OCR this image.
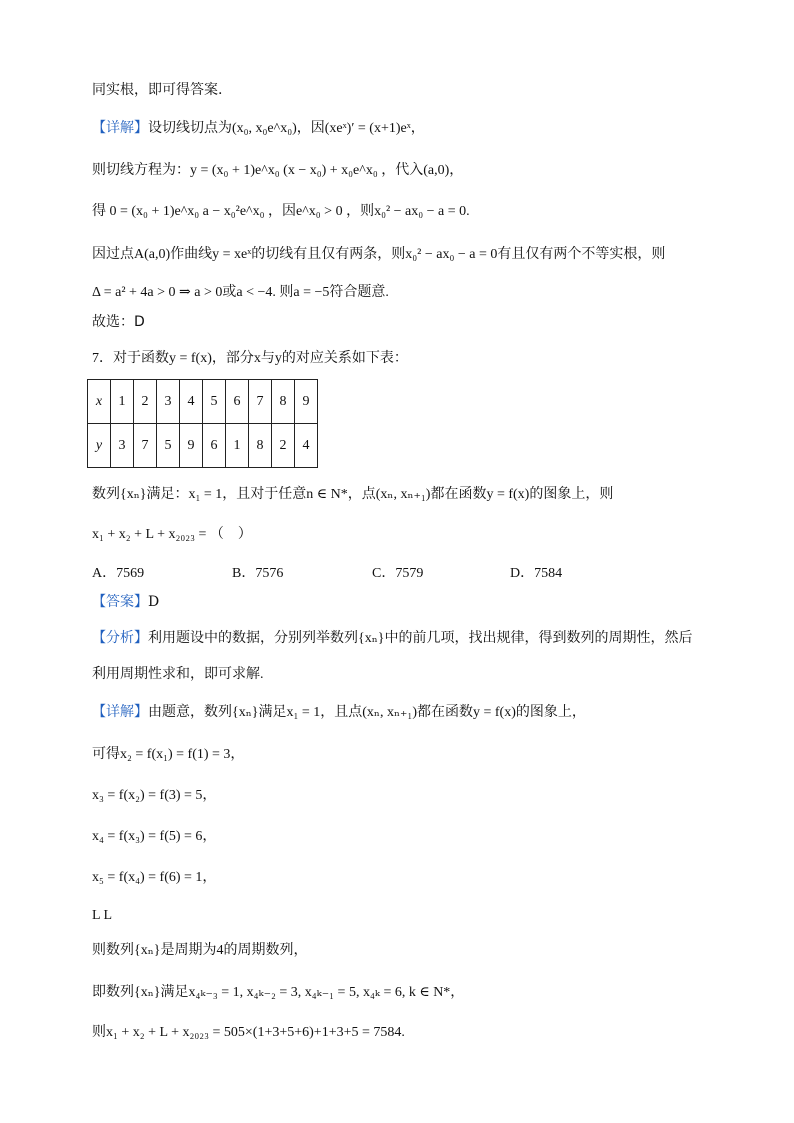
同实根，即可得答案.
【详解】设切线切点为(x₀, x₀e^x₀)，因(xeˣ)′ = (x+1)eˣ，
则切线方程为：y = (x₀ + 1)e^x₀ (x − x₀) + x₀e^x₀ ，代入(a,0)，
得 0 = (x₀ + 1)e^x₀ a − x₀²e^x₀ ，因e^x₀ > 0 ，则x₀² − ax₀ − a = 0.
因过点A(a,0)作曲线y = xeˣ的切线有且仅有两条，则x₀² − ax₀ − a = 0有且仅有两个不等实根，则
Δ = a² + 4a > 0 ⇒ a > 0或a < −4. 则a = −5符合题意.
故选：D
7．对于函数y = f(x)，部分x与y的对应关系如下表：
x	1	2	3	4	5	6	7	8	9
y	3	7	5	9	6	1	8	2	4
数列{xₙ}满足：x₁ = 1，且对于任意n ∈ N*，点(xₙ, xₙ₊₁)都在函数y = f(x)的图象上，则
x₁ + x₂ + L + x₂₀₂₃ = （　）
A．7569	B．7576	C．7579	D．7584
【答案】D
【分析】利用题设中的数据，分别列举数列{xₙ}中的前几项，找出规律，得到数列的周期性，然后
利用周期性求和，即可求解.
【详解】由题意，数列{xₙ}满足x₁ = 1，且点(xₙ, xₙ₊₁)都在函数y = f(x)的图象上，
可得x₂ = f(x₁) = f(1) = 3，
x₃ = f(x₂) = f(3) = 5，
x₄ = f(x₃) = f(5) = 6，
x₅ = f(x₄) = f(6) = 1，
L L
则数列{xₙ}是周期为4的周期数列，
即数列{xₙ}满足x₄ₖ₋₃ = 1, x₄ₖ₋₂ = 3, x₄ₖ₋₁ = 5, x₄ₖ = 6, k ∈ N*，
则x₁ + x₂ + L + x₂₀₂₃ = 505×(1+3+5+6)+1+3+5 = 7584.
